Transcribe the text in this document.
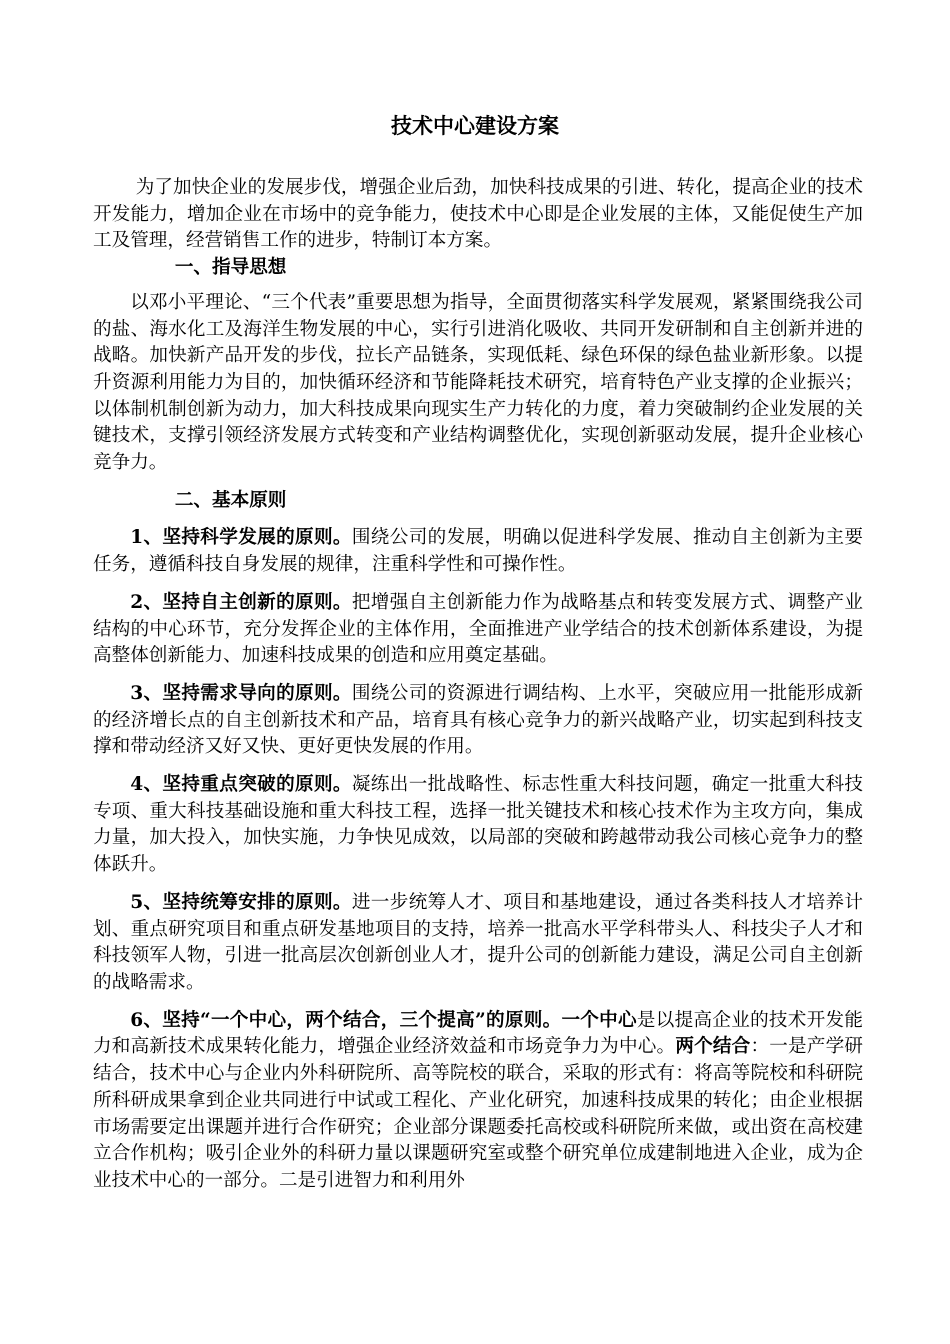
技术中心建设方案

为了加快企业的发展步伐，增强企业后劲，加快科技成果的引进、转化，提高企业的技术开发能力，增加企业在市场中的竞争能力，使技术中心即是企业发展的主体，又能促使生产加工及管理，经营销售工作的进步，特制订本方案。

一、指导思想

以邓小平理论、“三个代表”重要思想为指导，全面贯彻落实科学发展观，紧紧围绕我公司的盐、海水化工及海洋生物发展的中心，实行引进消化吸收、共同开发研制和自主创新并进的战略。加快新产品开发的步伐，拉长产品链条，实现低耗、绿色环保的绿色盐业新形象。以提升资源利用能力为目的，加快循环经济和节能降耗技术研究，培育特色产业支撑的企业振兴；以体制机制创新为动力，加大科技成果向现实生产力转化的力度，着力突破制约企业发展的关键技术，支撑引领经济发展方式转变和产业结构调整优化，实现创新驱动发展，提升企业核心竞争力。

二、基本原则

1、坚持科学发展的原则。围绕公司的发展，明确以促进科学发展、推动自主创新为主要任务，遵循科技自身发展的规律，注重科学性和可操作性。

2、坚持自主创新的原则。把增强自主创新能力作为战略基点和转变发展方式、调整产业结构的中心环节，充分发挥企业的主体作用，全面推进产业学结合的技术创新体系建设，为提高整体创新能力、加速科技成果的创造和应用奠定基础。

3、坚持需求导向的原则。围绕公司的资源进行调结构、上水平，突破应用一批能形成新的经济增长点的自主创新技术和产品，培育具有核心竞争力的新兴战略产业，切实起到科技支撑和带动经济又好又快、更好更快发展的作用。

4、坚持重点突破的原则。凝练出一批战略性、标志性重大科技问题，确定一批重大科技专项、重大科技基础设施和重大科技工程，选择一批关键技术和核心技术作为主攻方向，集成力量，加大投入，加快实施，力争快见成效，以局部的突破和跨越带动我公司核心竞争力的整体跃升。

5、坚持统筹安排的原则。进一步统筹人才、项目和基地建设，通过各类科技人才培养计划、重点研究项目和重点研发基地项目的支持，培养一批高水平学科带头人、科技尖子人才和科技领军人物，引进一批高层次创新创业人才，提升公司的创新能力建设，满足公司自主创新的战略需求。

6、坚持“一个中心，两个结合，三个提高”的原则。一个中心是以提高企业的技术开发能力和高新技术成果转化能力，增强企业经济效益和市场竞争力为中心。两个结合：一是产学研结合，技术中心与企业内外科研院所、高等院校的联合，采取的形式有：将高等院校和科研院所科研成果拿到企业共同进行中试或工程化、产业化研究，加速科技成果的转化；由企业根据市场需要定出课题并进行合作研究；企业部分课题委托高校或科研院所来做，或出资在高校建立合作机构；吸引企业外的科研力量以课题研究室或整个研究单位成建制地进入企业，成为企业技术中心的一部分。二是引进智力和利用外
